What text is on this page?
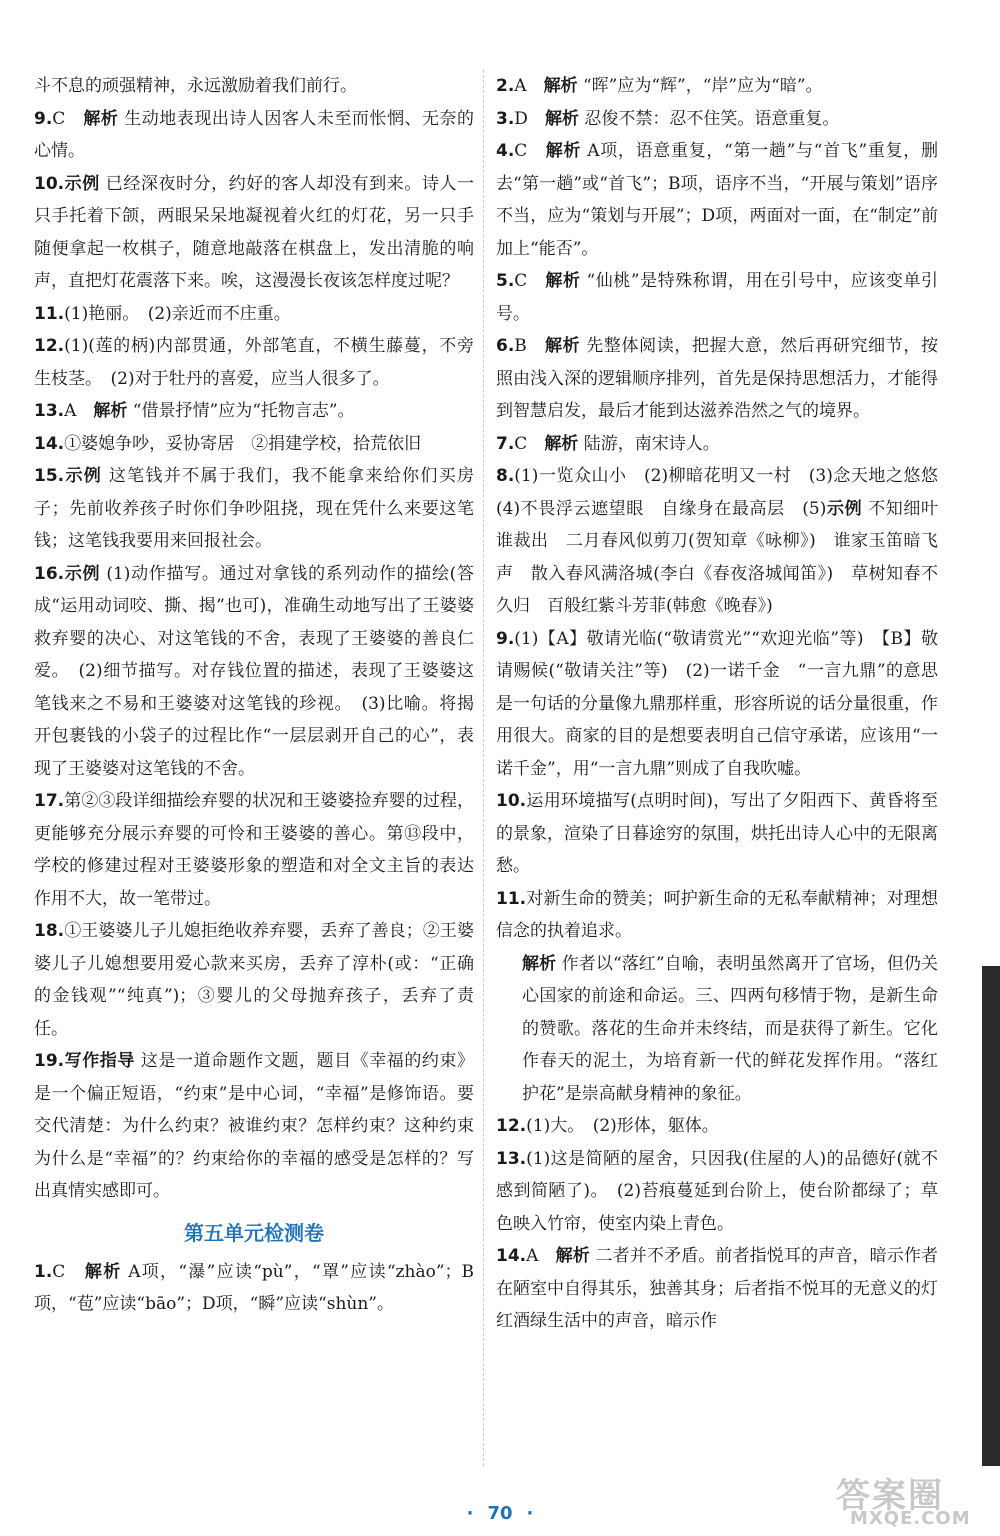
斗不息的顽强精神，永远激励着我们前行。
9.C　解析 生动地表现出诗人因客人未至而怅惘、无奈的心情。
10.示例 已经深夜时分，约好的客人却没有到来。诗人一只手托着下颌，两眼呆呆地凝视着火红的灯花，另一只手随便拿起一枚棋子，随意地敲落在棋盘上，发出清脆的响声，直把灯花震落下来。唉，这漫漫长夜该怎样度过呢？
11.(1)艳丽。　(2)亲近而不庄重。
12.(1)(莲的柄)内部贯通，外部笔直，不横生藤蔓，不旁生枝茎。　(2)对于牡丹的喜爱，应当人很多了。
13.A　解析 “借景抒情”应为“托物言志”。
14.①婆媳争吵，妥协寄居　②捐建学校，拾荒依旧
15.示例 这笔钱并不属于我们，我不能拿来给你们买房子；先前收养孩子时你们争吵阻挠，现在凭什么来要这笔钱；这笔钱我要用来回报社会。
16.示例 (1)动作描写。通过对拿钱的系列动作的描绘(答成“运用动词咬、撕、揭”也可)，准确生动地写出了王婆婆救弃婴的决心、对这笔钱的不舍，表现了王婆婆的善良仁爱。　(2)细节描写。对存钱位置的描述，表现了王婆婆这笔钱来之不易和王婆婆对这笔钱的珍视。　(3)比喻。将揭开包裹钱的小袋子的过程比作“一层层剥开自己的心”，表现了王婆婆对这笔钱的不舍。
17.第②③段详细描绘弃婴的状况和王婆婆捡弃婴的过程，更能够充分展示弃婴的可怜和王婆婆的善心。第⑬段中，学校的修建过程对王婆婆形象的塑造和对全文主旨的表达作用不大，故一笔带过。
18.①王婆婆儿子儿媳拒绝收养弃婴，丢弃了善良；②王婆婆儿子儿媳想要用爱心款来买房，丢弃了淳朴(或：“正确的金钱观”“纯真”)；③婴儿的父母抛弃孩子，丢弃了责任。
19.写作指导 这是一道命题作文题，题目《幸福的约束》是一个偏正短语，“约束”是中心词，“幸福”是修饰语。要交代清楚：为什么约束？被谁约束？怎样约束？这种约束为什么是“幸福”的？约束给你的幸福的感受是怎样的？写出真情实感即可。
第五单元检测卷
1.C　解析 A项，“瀑”应读“pù”，“罩”应读“zhào”；B项，“苞”应读“bāo”；D项，“瞬”应读“shùn”。
2.A　解析 “晖”应为“辉”，“岸”应为“暗”。
3.D　解析 忍俊不禁：忍不住笑。语意重复。
4.C　解析 A项，语意重复，“第一趟”与“首飞”重复，删去“第一趟”或“首飞”；B项，语序不当，“开展与策划”语序不当，应为“策划与开展”；D项，两面对一面，在“制定”前加上“能否”。
5.C　解析 “仙桃”是特殊称谓，用在引号中，应该变单引号。
6.B　解析 先整体阅读，把握大意，然后再研究细节，按照由浅入深的逻辑顺序排列，首先是保持思想活力，才能得到智慧启发，最后才能到达滋养浩然之气的境界。
7.C　解析 陆游，南宋诗人。
8.(1)一览众山小　(2)柳暗花明又一村　(3)念天地之悠悠　(4)不畏浮云遮望眼　自缘身在最高层　(5)示例 不知细叶谁裁出　二月春风似剪刀(贺知章《咏柳》)　谁家玉笛暗飞声　散入春风满洛城(李白《春夜洛城闻笛》)　草树知春不久归　百般红紫斗芳菲(韩愈《晚春》)
9.(1)【A】敬请光临(“敬请赏光”“欢迎光临”等)　【B】敬请赐候(“敬请关注”等)　(2)一诺千金　“一言九鼎”的意思是一句话的分量像九鼎那样重，形容所说的话分量很重，作用很大。商家的目的是想要表明自己信守承诺，应该用“一诺千金”，用“一言九鼎”则成了自我吹嘘。
10.运用环境描写(点明时间)，写出了夕阳西下、黄昏将至的景象，渲染了日暮途穷的氛围，烘托出诗人心中的无限离愁。
11.对新生命的赞美；呵护新生命的无私奉献精神；对理想信念的执着追求。
解析 作者以“落红”自喻，表明虽然离开了官场，但仍关心国家的前途和命运。三、四两句移情于物，是新生命的赞歌。落花的生命并未终结，而是获得了新生。它化作春天的泥土，为培育新一代的鲜花发挥作用。“落红护花”是崇高献身精神的象征。
12.(1)大。　(2)形体，躯体。
13.(1)这是简陋的屋舍，只因我(住屋的人)的品德好(就不感到简陋了)。　(2)苔痕蔓延到台阶上，使台阶都绿了；草色映入竹帘，使室内染上青色。
14.A　解析 二者并不矛盾。前者指悦耳的声音，暗示作者在陋室中自得其乐，独善其身；后者指不悦耳的无意义的灯红酒绿生活中的声音，暗示作
· 70 ·	答案圈
MXQE.COM
